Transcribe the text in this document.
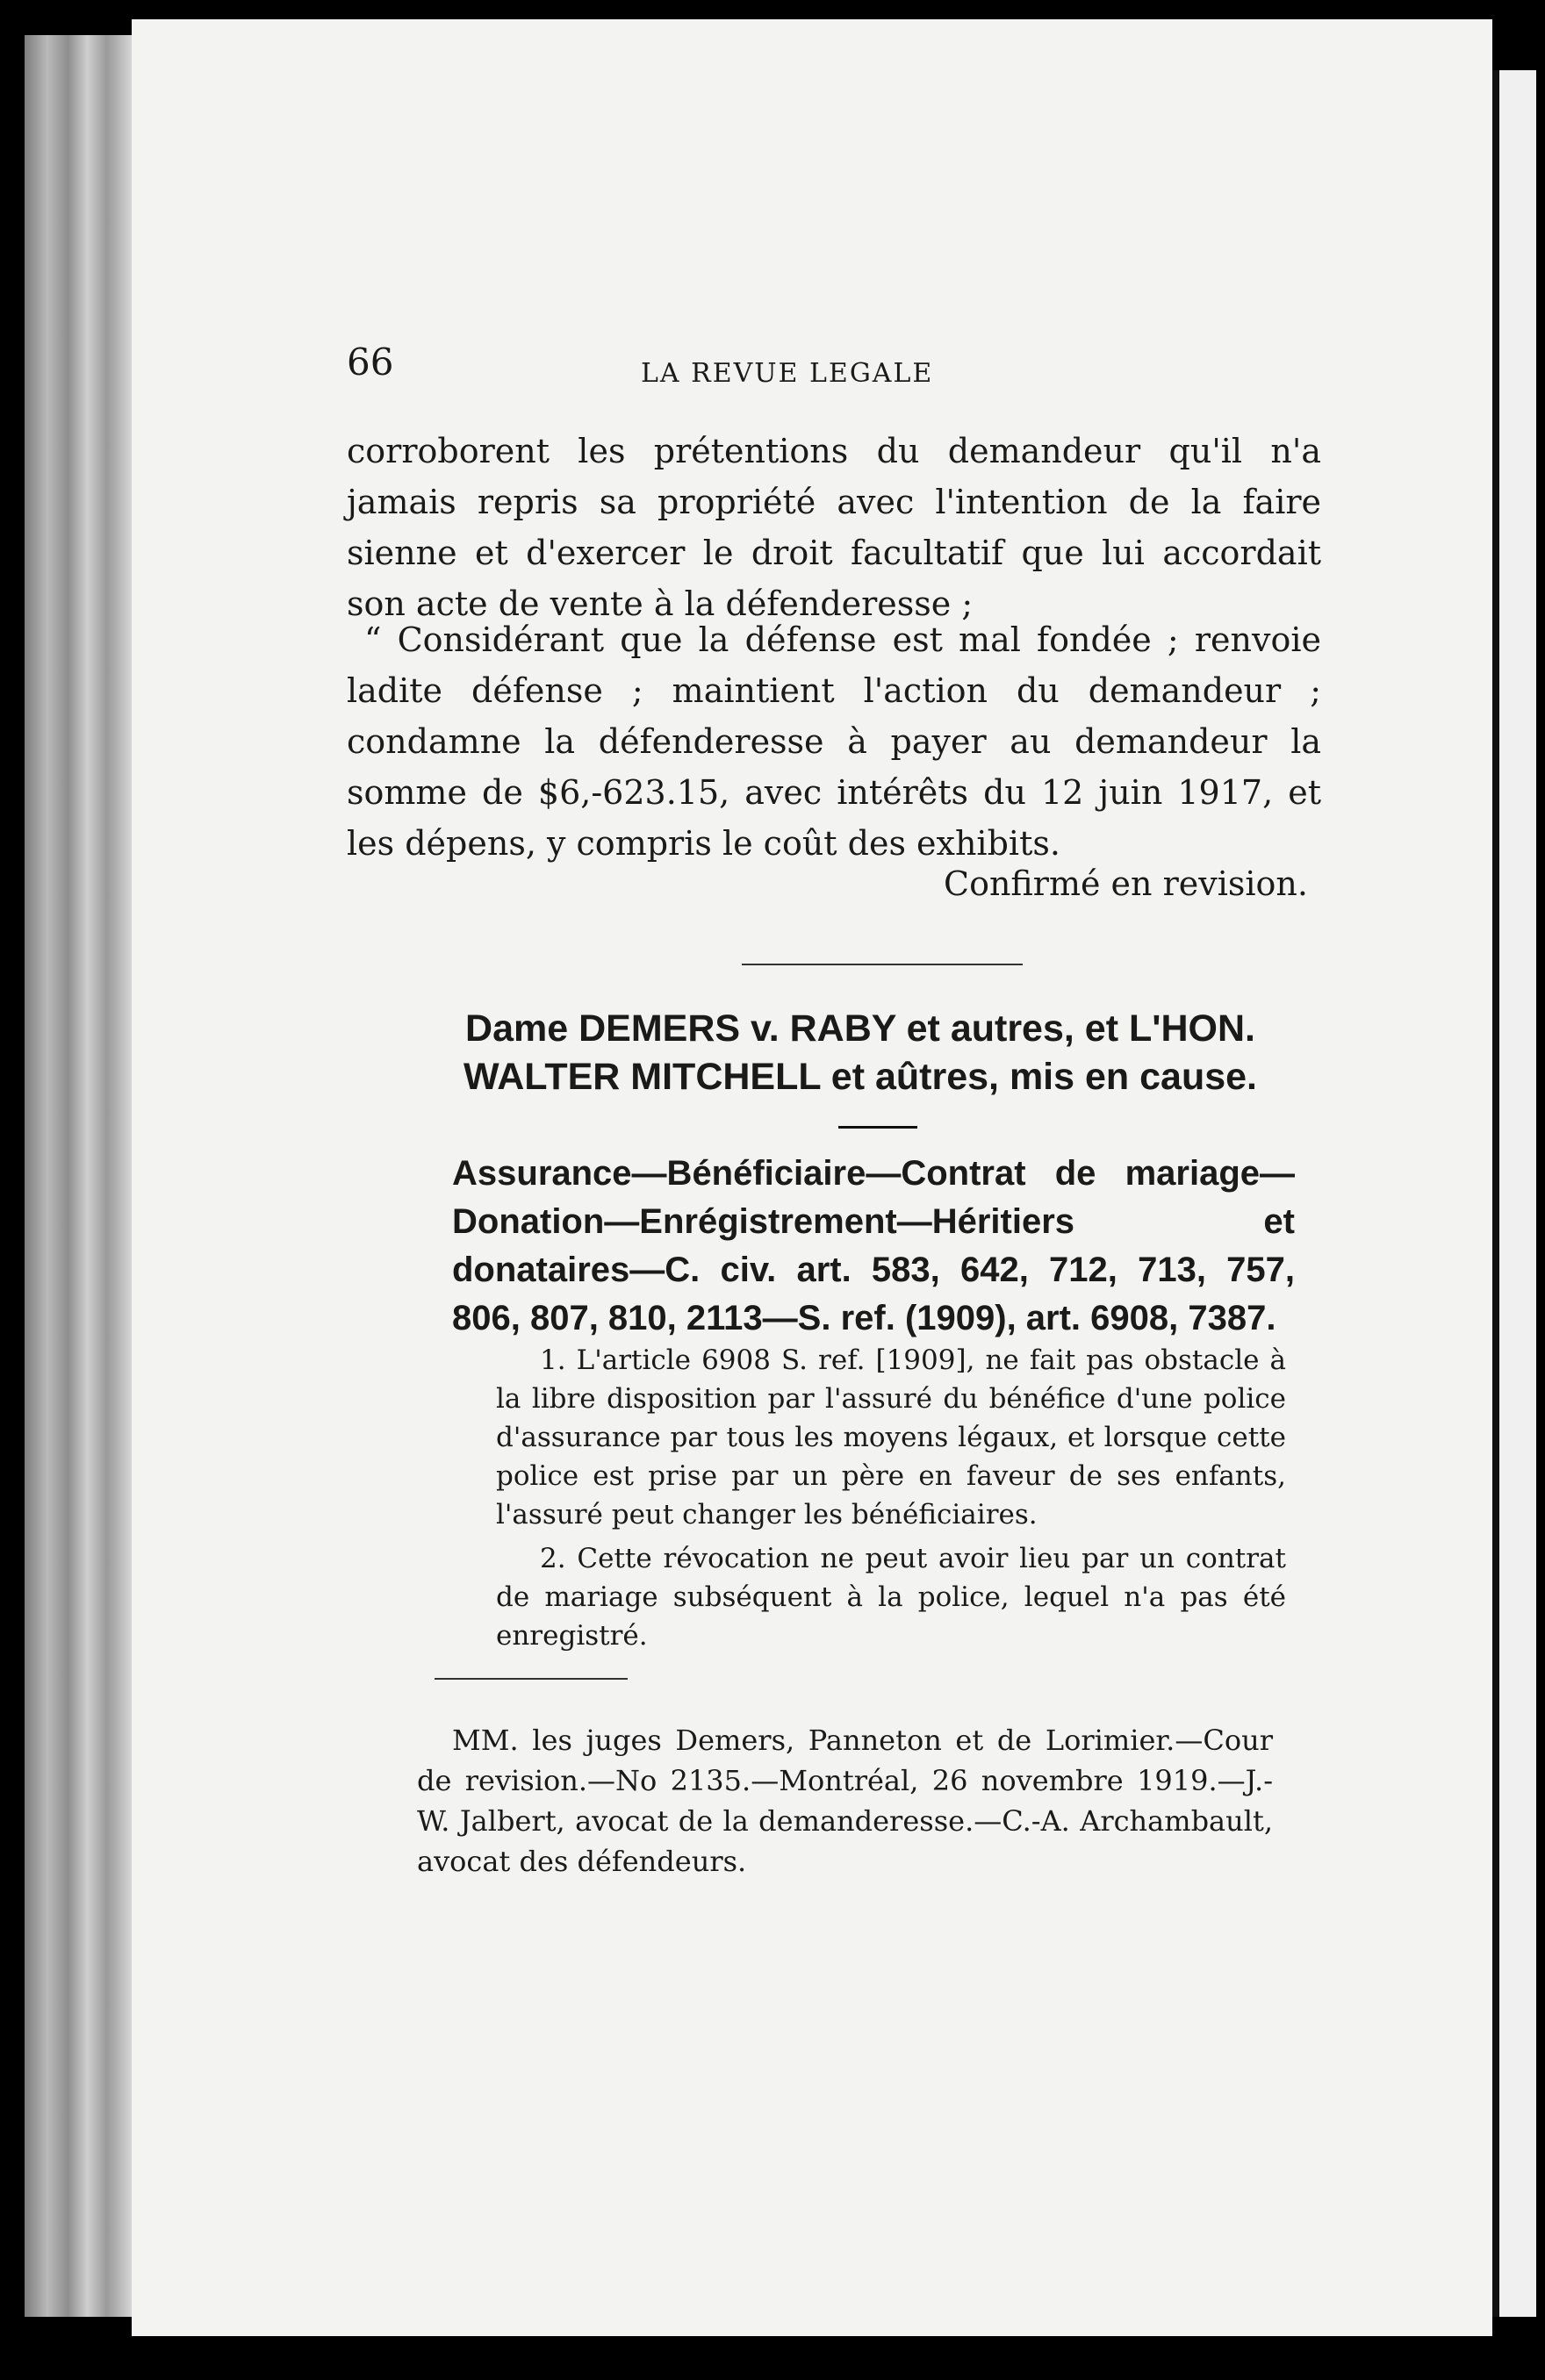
66	LA REVUE LEGALE

corroborent les prétentions du demandeur qu'il n'a jamais repris sa propriété avec l'intention de la faire sienne et d'exercer le droit facultatif que lui accordait son acte de vente à la défenderesse ;

“ Considérant que la défense est mal fondée ; renvoie ladite défense ; maintient l'action du demandeur ; condamne la défenderesse à payer au demandeur la somme de $6,-623.15, avec intérêts du 12 juin 1917, et les dépens, y compris le coût des exhibits.

Confirmé en revision.

Dame DEMERS v. RABY et autres, et L'HON. WALTER MITCHELL et aûtres, mis en cause.

Assurance—Bénéficiaire—Contrat de mariage—Donation—Enrégistrement—Héritiers et donataires—C. civ. art. 583, 642, 712, 713, 757, 806, 807, 810, 2113—S. ref. (1909), art. 6908, 7387.

1. L'article 6908 S. ref. [1909], ne fait pas obstacle à la libre disposition par l'assuré du bénéfice d'une police d'assurance par tous les moyens légaux, et lorsque cette police est prise par un père en faveur de ses enfants, l'assuré peut changer les bénéficiaires.

2. Cette révocation ne peut avoir lieu par un contrat de mariage subséquent à la police, lequel n'a pas été enregistré.

MM. les juges Demers, Panneton et de Lorimier.—Cour de revision.—No 2135.—Montréal, 26 novembre 1919.—J.-W. Jalbert, avocat de la demanderesse.—C.-A. Archambault, avocat des défendeurs.
